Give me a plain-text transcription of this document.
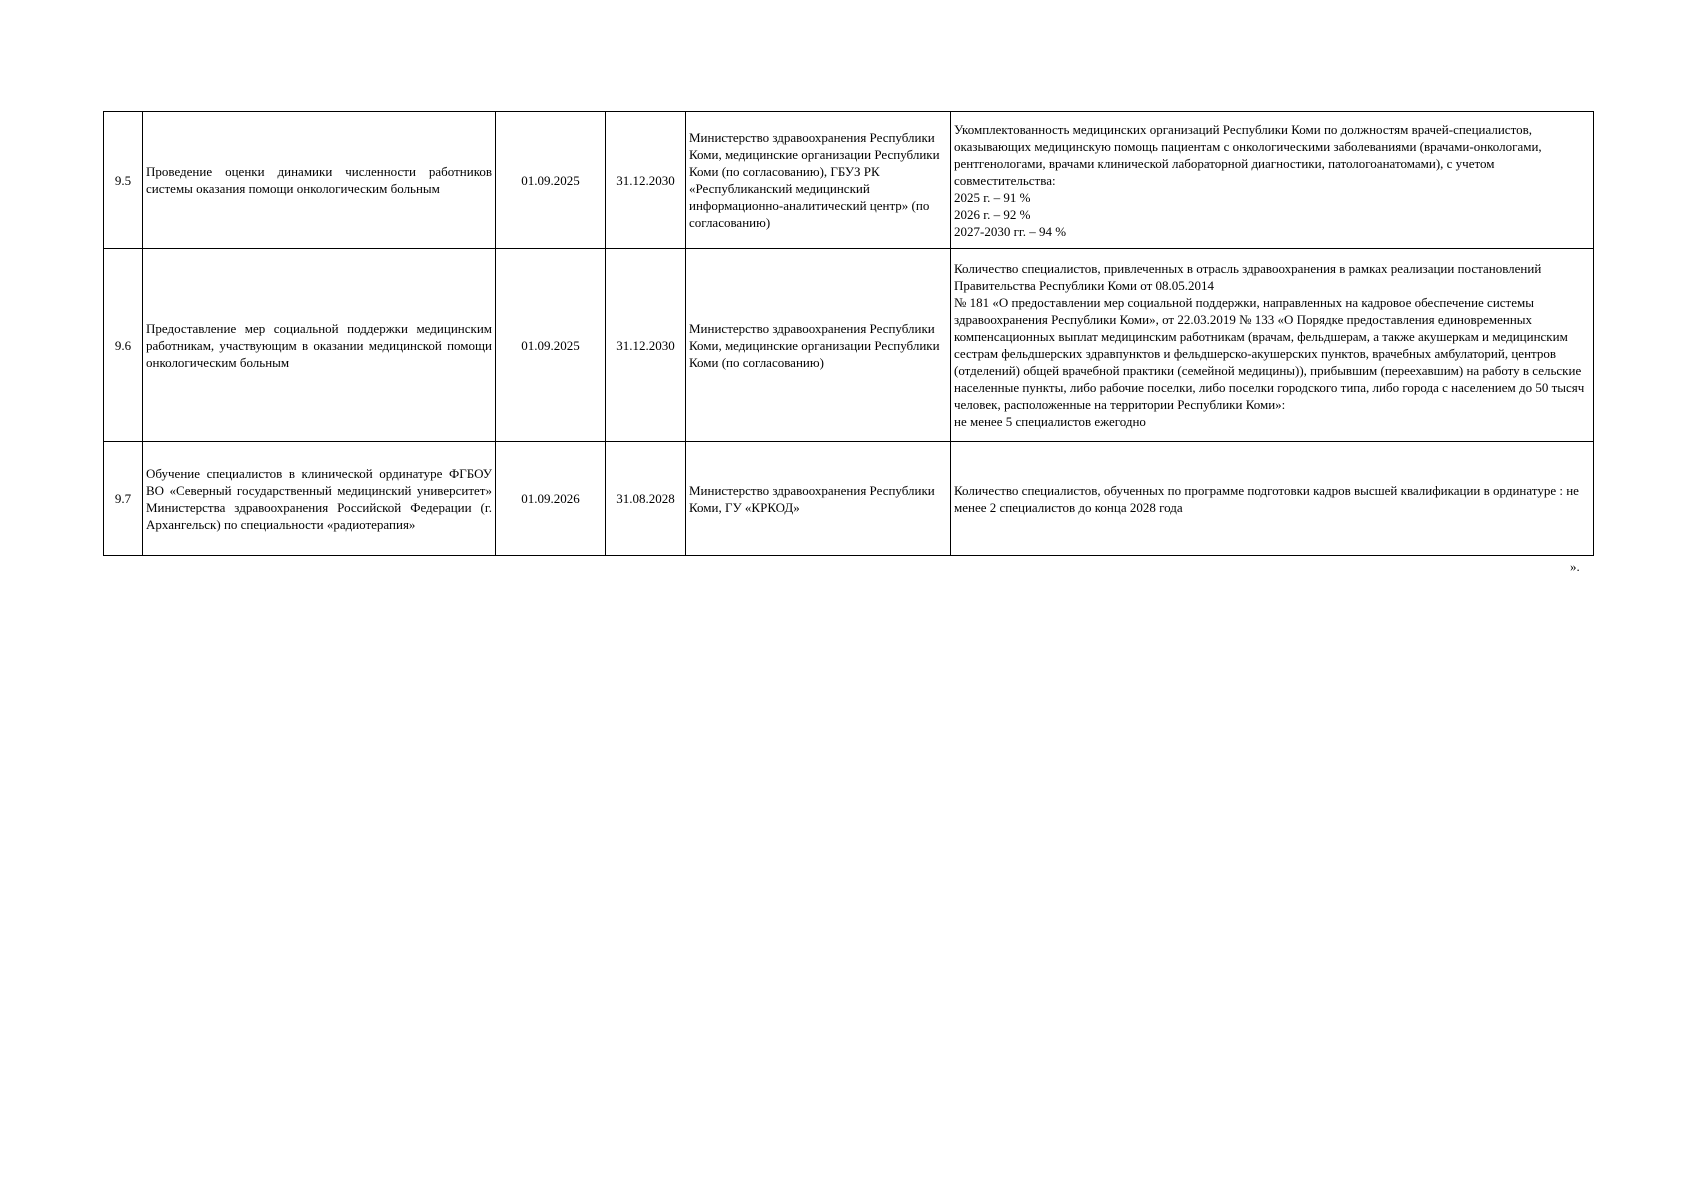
9.5	Проведение оценки динамики численности работников системы оказания помощи онкологическим больным	01.09.2025	31.12.2030	Министерство здравоохранения Республики Коми, медицинские организации Республики Коми (по согласованию), ГБУЗ РК «Республиканский медицинский информационно-аналитический центр» (по согласованию)	Укомплектованность медицинских организаций Республики Коми по должностям врачей-специалистов, оказывающих медицинскую помощь пациентам с онкологическими заболеваниями (врачами-онкологами, рентгенологами, врачами клинической лабораторной диагностики, патологоанатомами), с учетом совместительства:
2025 г. – 91 %
2026 г. – 92 %
2027-2030 гг. – 94 %

9.6	Предоставление мер социальной поддержки медицинским работникам, участвующим в оказании медицинской помощи онкологическим больным	01.09.2025	31.12.2030	Министерство здравоохранения Республики Коми, медицинские организации Республики Коми (по согласованию)	Количество специалистов, привлеченных в отрасль здравоохранения в рамках реализации постановлений Правительства Республики Коми от 08.05.2014
№ 181 «О предоставлении мер социальной поддержки, направленных на кадровое обеспечение системы здравоохранения Республики Коми», от 22.03.2019 № 133 «О Порядке предоставления единовременных компенсационных выплат медицинским работникам (врачам, фельдшерам, а также акушеркам и медицинским сестрам фельдшерских здравпунктов и фельдшерско-акушерских пунктов, врачебных амбулаторий, центров (отделений) общей врачебной практики (семейной медицины)), прибывшим (переехавшим) на работу в сельские населенные пункты, либо рабочие поселки, либо поселки городского типа, либо города с населением до 50 тысяч человек, расположенные на территории Республики Коми»:
не менее 5 специалистов ежегодно

9.7	Обучение специалистов в клинической ординатуре ФГБОУ ВО «Северный государственный медицинский университет» Министерства здравоохранения Российской Федерации (г. Архангельск) по специальности «радиотерапия»	01.09.2026	31.08.2028	Министерство здравоохранения Республики Коми, ГУ «КРКОД»	Количество специалистов, обученных по программе подготовки кадров высшей квалификации в ординатуре : не менее 2 специалистов до конца 2028 года
».
